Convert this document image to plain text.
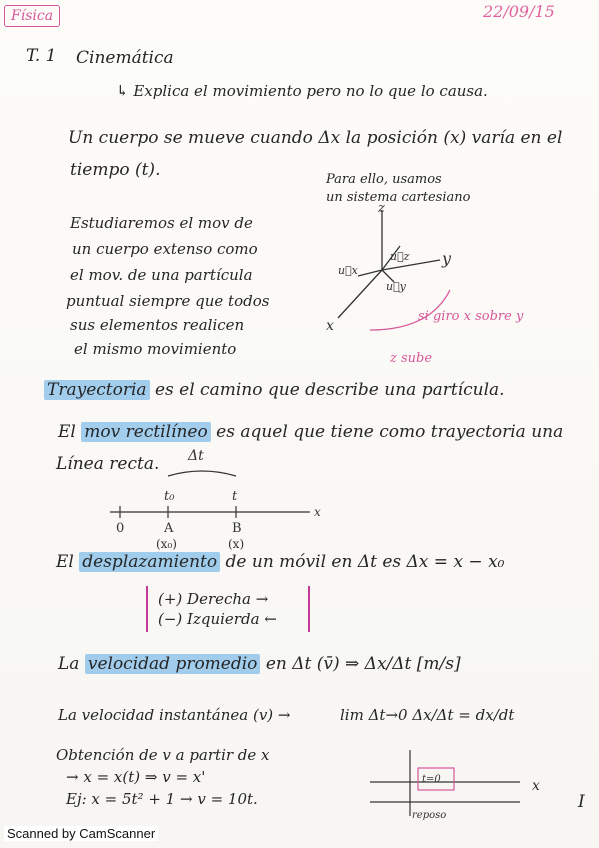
Física	22/09/15
T. 1 Cinemática
↳ Explica el movimiento pero no lo que lo causa.
Un cuerpo se mueve cuando Δx la posición (x) varía en el
tiempo (t).	Para ello, usamos
un sistema cartesiano
Estudiaremos el mov de
un cuerpo extenso como
el mov. de una partícula
puntual siempre que todos
sus elementos realicen
el mismo movimiento
z
y
x
u⃗z
u⃗y
u⃗x
si giro x sobre y
z sube
Trayectoria es el camino que describe una partícula.
El mov rectilíneo es aquel que tiene como trayectoria una
Línea recta. Δt
t₀	t
0	A	B
(x₀)	(x)
x
El desplazamiento de un móvil en Δt es Δx = x − x₀
(+) Derecha →
(−) Izquierda ←
La velocidad promedio en Δt (v̄) ⇒ Δx/Δt [m/s]
La velocidad instantánea (v) →	lim Δt→0 Δx/Δt = dx/dt
Obtención de v a partir de x
→ x = x(t) ⇒ v = x'
Ej: x = 5t² + 1 → v = 10t.
t=0
reposo
x
I
Scanned by CamScanner
